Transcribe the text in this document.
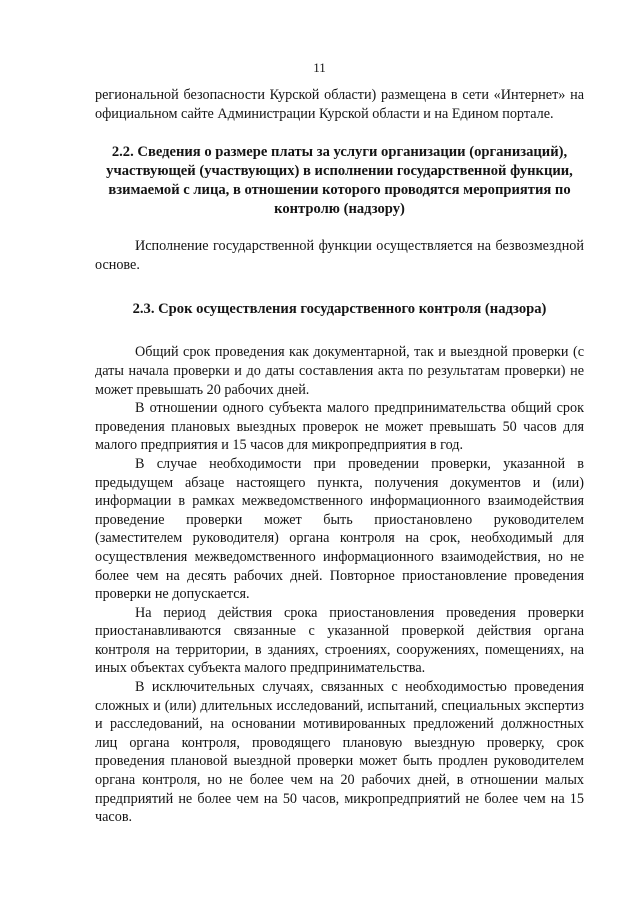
11

региональной безопасности Курской области) размещена в сети «Интернет» на официальном сайте Администрации Курской области и на Едином портале.

2.2. Сведения о размере платы за услуги организации (организаций), участвующей (участвующих) в исполнении государственной функции, взимаемой с лица, в отношении которого проводятся мероприятия по контролю (надзору)

Исполнение государственной функции осуществляется на безвозмездной основе.

2.3. Срок осуществления государственного контроля (надзора)

Общий срок проведения как документарной, так и выездной проверки (с даты начала проверки и до даты составления акта по результатам проверки) не может превышать 20 рабочих дней.

В отношении одного субъекта малого предпринимательства общий срок проведения плановых выездных проверок не может превышать 50 часов для малого предприятия и 15 часов для микропредприятия в год.

В случае необходимости при проведении проверки, указанной в предыдущем абзаце настоящего пункта, получения документов и (или) информации в рамках межведомственного информационного взаимодействия проведение проверки может быть приостановлено руководителем (заместителем руководителя) органа контроля на срок, необходимый для осуществления межведомственного информационного взаимодействия, но не более чем на десять рабочих дней. Повторное приостановление проведения проверки не допускается.

На период действия срока приостановления проведения проверки приостанавливаются связанные с указанной проверкой действия органа контроля на территории, в зданиях, строениях, сооружениях, помещениях, на иных объектах субъекта малого предпринимательства.

В исключительных случаях, связанных с необходимостью проведения сложных и (или) длительных исследований, испытаний, специальных экспертиз и расследований, на основании мотивированных предложений должностных лиц органа контроля, проводящего плановую выездную проверку, срок проведения плановой выездной проверки может быть продлен руководителем органа контроля, но не более чем на 20 рабочих дней, в отношении малых предприятий не более чем на 50 часов, микропредприятий не более чем на 15 часов.
